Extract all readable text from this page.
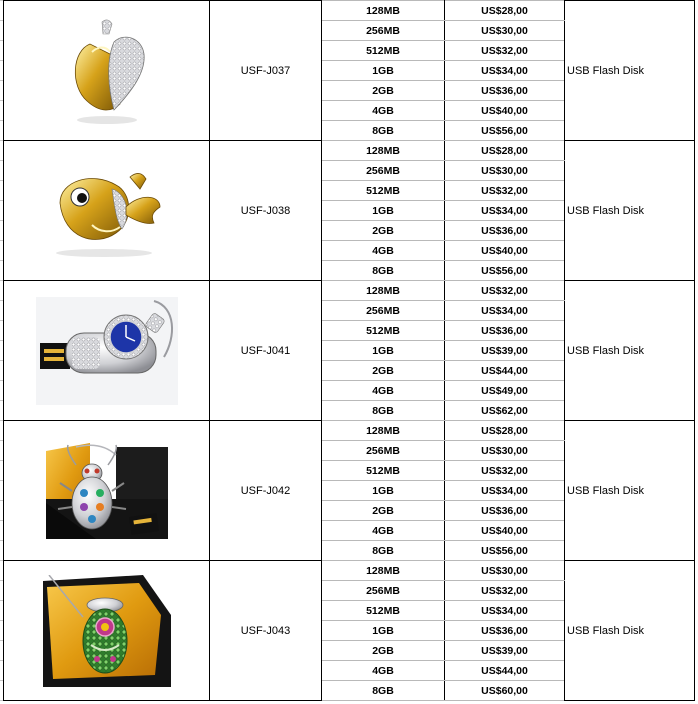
	USF-J037	128MB	US$28,00	USB Flash Disk
		256MB	US$30,00	
		512MB	US$32,00	
		1GB	US$34,00	
		2GB	US$36,00	
		4GB	US$40,00	
		8GB	US$56,00	

	USF-J038	128MB	US$28,00	USB Flash Disk
		256MB	US$30,00	
		512MB	US$32,00	
		1GB	US$34,00	
		2GB	US$36,00	
		4GB	US$40,00	
		8GB	US$56,00	

	USF-J041	128MB	US$32,00	USB Flash Disk
		256MB	US$34,00	
		512MB	US$36,00	
		1GB	US$39,00	
		2GB	US$44,00	
		4GB	US$49,00	
		8GB	US$62,00	

	USF-J042	128MB	US$28,00	USB Flash Disk
		256MB	US$30,00	
		512MB	US$32,00	
		1GB	US$34,00	
		2GB	US$36,00	
		4GB	US$40,00	
		8GB	US$56,00	

	USF-J043	128MB	US$30,00	USB Flash Disk
		256MB	US$32,00	
		512MB	US$34,00	
		1GB	US$36,00	
		2GB	US$39,00	
		4GB	US$44,00	
		8GB	US$60,00	
